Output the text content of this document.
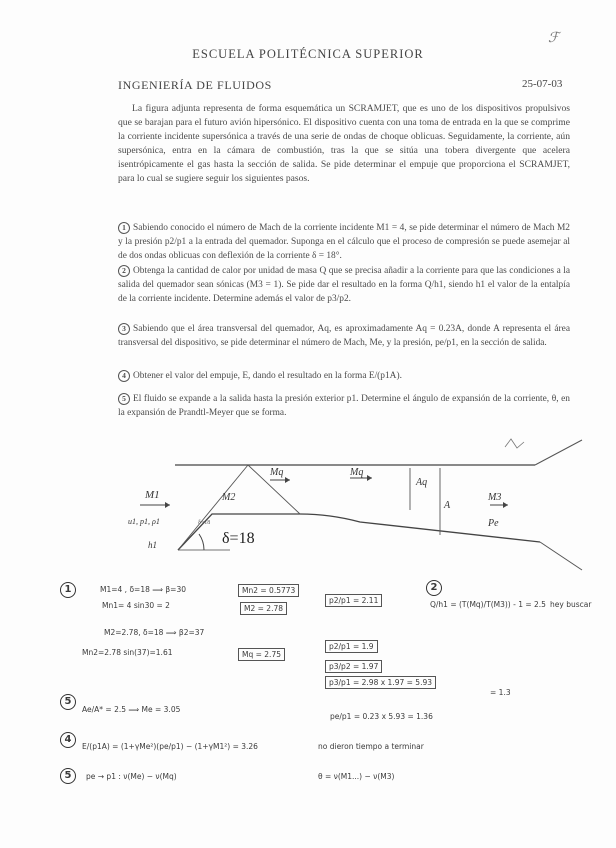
ℱ
ESCUELA POLITÉCNICA SUPERIOR
INGENIERÍA DE FLUIDOS	25-07-03
La figura adjunta representa de forma esquemática un SCRAMJET, que es uno de los dispositivos propulsivos que se barajan para el futuro avión hipersónico. El dispositivo cuenta con una toma de entrada en la que se comprime la corriente incidente supersónica a través de una serie de ondas de choque oblicuas. Seguidamente, la corriente, aún supersónica, entra en la cámara de combustión, tras la que se sitúa una tobera divergente que acelera isentrópicamente el gas hasta la sección de salida. Se pide determinar el empuje que proporciona el SCRAMJET, para lo cual se sugiere seguir los siguientes pasos.
1 Sabiendo conocido el número de Mach de la corriente incidente M1 = 4, se pide determinar el número de Mach M2 y la presión p2/p1 a la entrada del quemador. Suponga en el cálculo que el proceso de compresión se puede asemejar al de dos ondas oblicuas con deflexión de la corriente δ = 18°.
2 Obtenga la cantidad de calor por unidad de masa Q que se precisa añadir a la corriente para que las condiciones a la salida del quemador sean sónicas (M3 = 1). Se pide dar el resultado en la forma Q/h1, siendo h1 el valor de la entalpía de la corriente incidente. Determine además el valor de p3/p2.
3 Sabiendo que el área transversal del quemador, Aq, es aproximadamente Aq = 0.23A, donde A representa el área transversal del dispositivo, se pide determinar el número de Mach, Me, y la presión, pe/p1, en la sección de salida.
4 Obtener el valor del empuje, E, dando el resultado en la forma E/(p1A).
5 El fluido se expande a la salida hasta la presión exterior p1. Determine el ángulo de expansión de la corriente, θ, en la expansión de Prandtl-Meyer que se forma.
M1
u1, p1, ρ1
h1
M2
Mq	Mq
Aq
A
M3
Pe
δ=18
δ=18
1	M1=4 , δ=18 ⟹ β=30
Mn1= 4 sin30 = 2
M2=2.78, δ=18 ⟹ β2=37
Mn2=2.78 sin(37)=1.61
Mn2 = 0.5773
M2 = 2.78
Mq = 2.75
p2/p1 = 2.11
p2/p1 = 1.9
p3/p2 = 1.97
p3/p1 = 2.98 x 1.97 = 5.93
2
Q/h1 = (T(Mq)/T(M3)) - 1 = 2.5 hey buscar
5
Ae/A* = 2.5 ⟹ Me = 3.05
pe/p1 = 0.23 x 5.93 = 1.36
4
E/(p1A) = (1+γMe²)(pe/p1) − (1+γM1²) = 3.26	no dieron tiempo a terminar
5	pe → p1 : ν(Me) − ν(Mq)	θ = ν(M1...) − ν(M3)
= 1.3
